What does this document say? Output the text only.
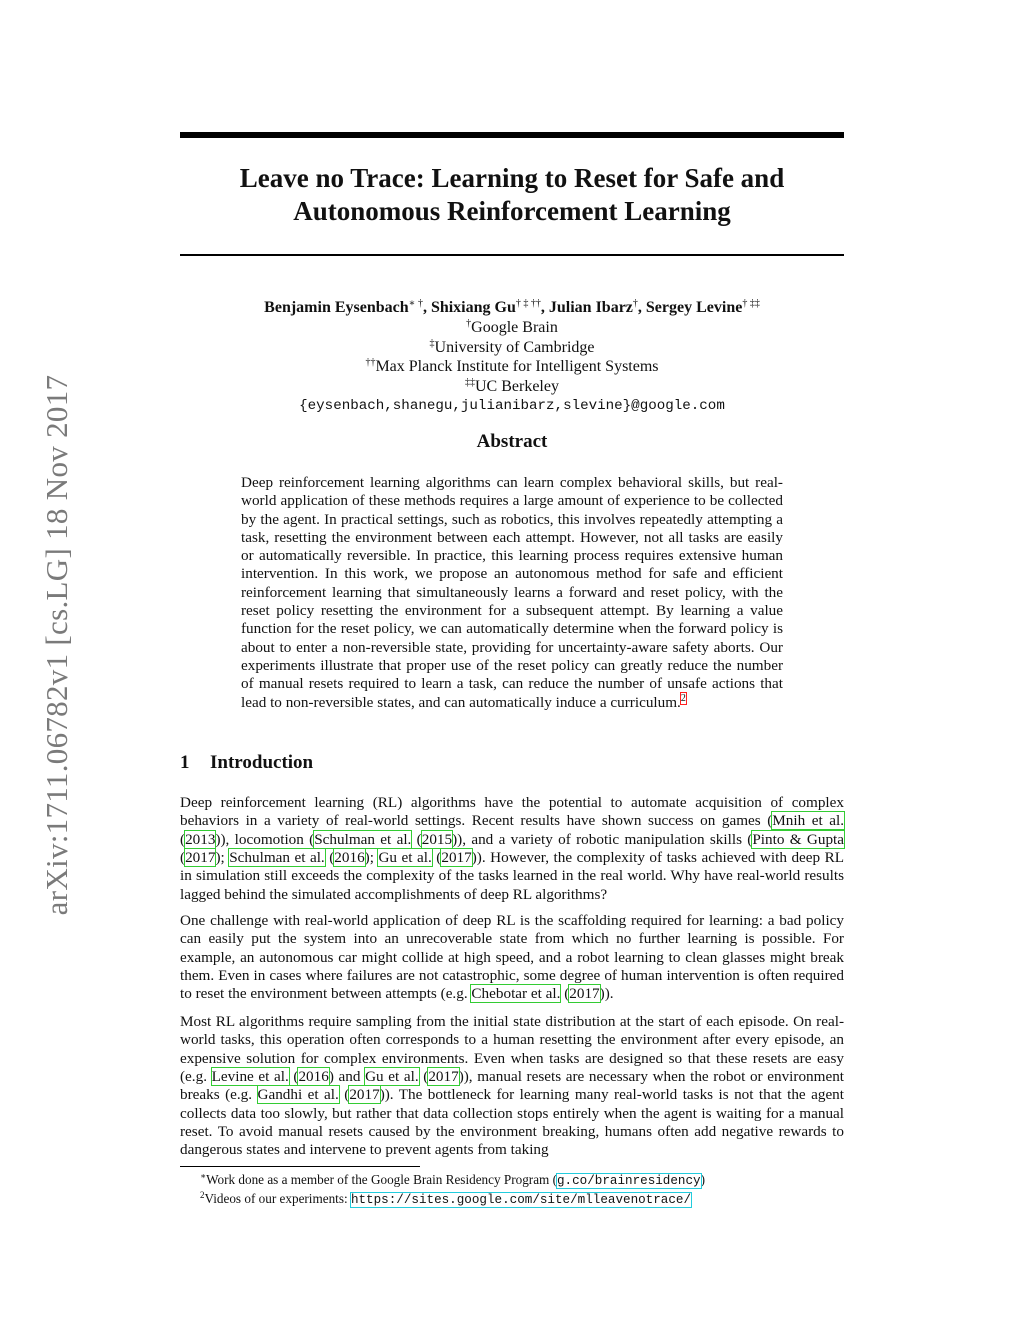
arXiv:1711.06782v1 [cs.LG] 18 Nov 2017
Leave no Trace: Learning to Reset for Safe and
Autonomous Reinforcement Learning
Benjamin Eysenbach∗ †, Shixiang Gu† ‡ ††, Julian Ibarz†, Sergey Levine† ‡‡
†Google Brain
‡University of Cambridge
††Max Planck Institute for Intelligent Systems
‡‡UC Berkeley
{eysenbach,shanegu,julianibarz,slevine}@google.com
Abstract

Deep reinforcement learning algorithms can learn complex behavioral skills, but real-world application of these methods requires a large amount of experience to be collected by the agent. In practical settings, such as robotics, this involves repeatedly attempting a task, resetting the environment between each attempt. However, not all tasks are easily or automatically reversible. In practice, this learning process requires extensive human intervention. In this work, we propose an autonomous method for safe and efficient reinforcement learning that simultaneously learns a forward and reset policy, with the reset policy resetting the environment for a subsequent attempt. By learning a value function for the reset policy, we can automatically determine when the forward policy is about to enter a non-reversible state, providing for uncertainty-aware safety aborts. Our experiments illustrate that proper use of the reset policy can greatly reduce the number of manual resets required to learn a task, can reduce the number of unsafe actions that lead to non-reversible states, and can automatically induce a curriculum.$^2$

1 Introduction

Deep reinforcement learning (RL) algorithms have the potential to automate acquisition of complex behaviors in a variety of real-world settings. Recent results have shown success on games (Mnih et al. (2013)), locomotion (Schulman et al. (2015)), and a variety of robotic manipulation skills (Pinto & Gupta (2017); Schulman et al. (2016); Gu et al. (2017)). However, the complexity of tasks achieved with deep RL in simulation still exceeds the complexity of the tasks learned in the real world. Why have real-world results lagged behind the simulated accomplishments of deep RL algorithms?

One challenge with real-world application of deep RL is the scaffolding required for learning: a bad policy can easily put the system into an unrecoverable state from which no further learning is possible. For example, an autonomous car might collide at high speed, and a robot learning to clean glasses might break them. Even in cases where failures are not catastrophic, some degree of human intervention is often required to reset the environment between attempts (e.g. Chebotar et al. (2017)).

Most RL algorithms require sampling from the initial state distribution at the start of each episode. On real-world tasks, this operation often corresponds to a human resetting the environment after every episode, an expensive solution for complex environments. Even when tasks are designed so that these resets are easy (e.g. Levine et al. (2016) and Gu et al. (2017)), manual resets are necessary when the robot or environment breaks (e.g. Gandhi et al. (2017)). The bottleneck for learning many real-world tasks is not that the agent collects data too slowly, but rather that data collection stops entirely when the agent is waiting for a manual reset. To avoid manual resets caused by the environment breaking, humans often add negative rewards to dangerous states and intervene to prevent agents from taking

∗Work done as a member of the Google Brain Residency Program (g.co/brainresidency)
$^2$Videos of our experiments: https://sites.google.com/site/mlleavenotrace/
